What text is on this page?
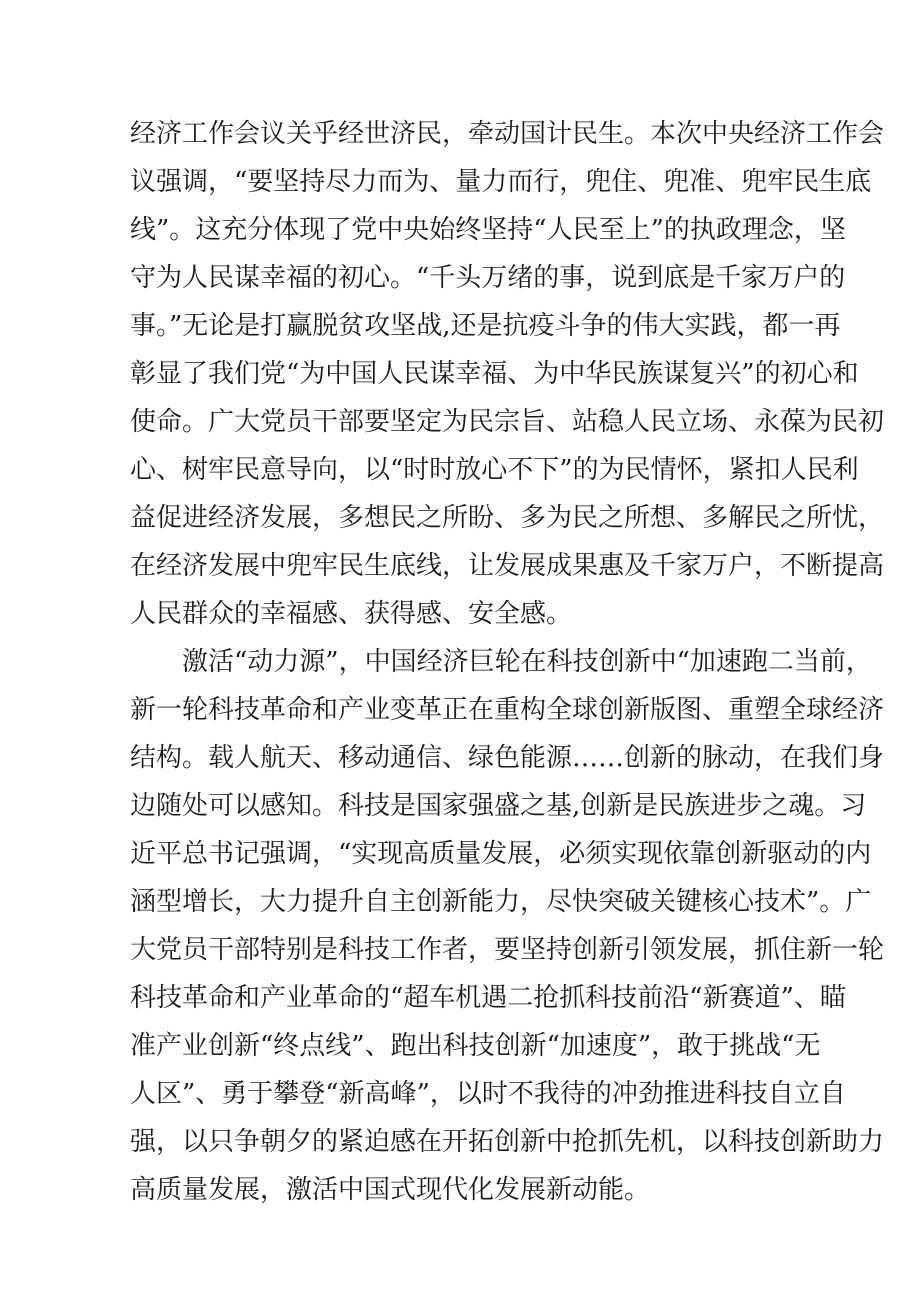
经济工作会议关乎经世济民，牵动国计民生。本次中央经济工作会
议强调，“要坚持尽力而为、量力而行，兜住、兜准、兜牢民生底
线”。这充分体现了党中央始终坚持“人民至上”的执政理念，坚
守为人民谋幸福的初心。“千头万绪的事，说到底是千家万户的
事。”无论是打赢脱贫攻坚战,还是抗疫斗争的伟大实践，都一再
彰显了我们党“为中国人民谋幸福、为中华民族谋复兴”的初心和
使命。广大党员干部要坚定为民宗旨、站稳人民立场、永葆为民初
心、树牢民意导向，以“时时放心不下”的为民情怀，紧扣人民利
益促进经济发展，多想民之所盼、多为民之所想、多解民之所忧，
在经济发展中兜牢民生底线，让发展成果惠及千家万户，不断提高
人民群众的幸福感、获得感、安全感。
　　激活“动力源”，中国经济巨轮在科技创新中“加速跑二当前，
新一轮科技革命和产业变革正在重构全球创新版图、重塑全球经济
结构。载人航天、移动通信、绿色能源……创新的脉动，在我们身
边随处可以感知。科技是国家强盛之基,创新是民族进步之魂。习
近平总书记强调，“实现高质量发展，必须实现依靠创新驱动的内
涵型增长，大力提升自主创新能力，尽快突破关键核心技术”。广
大党员干部特别是科技工作者，要坚持创新引领发展，抓住新一轮
科技革命和产业革命的“超车机遇二抢抓科技前沿“新赛道”、瞄
准产业创新“终点线”、跑出科技创新“加速度”，敢于挑战“无
人区”、勇于攀登“新高峰”，以时不我待的冲劲推进科技自立自
强，以只争朝夕的紧迫感在开拓创新中抢抓先机，以科技创新助力
高质量发展，激活中国式现代化发展新动能。
